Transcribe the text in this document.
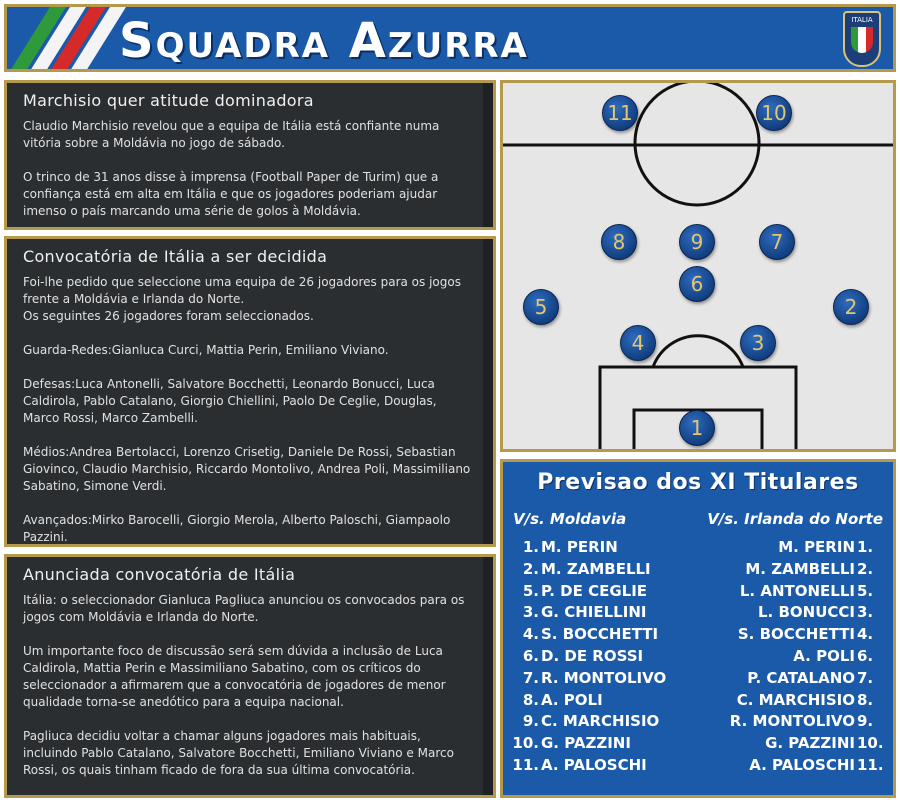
Squadra Azurra	ITALIA
Marchisio quer atitude dominadora

Claudio Marchisio revelou que a equipa de Itália está confiante numa vitória sobre a Moldávia no jogo de sábado.

O trinco de 31 anos disse à imprensa (Football Paper de Turim) que a confiança está em alta em Itália e que os jogadores poderiam ajudar imenso o país marcando uma série de golos à Moldávia.

Convocatória de Itália a ser decidida

Foi-lhe pedido que seleccione uma equipa de 26 jogadores para os jogos frente a Moldávia e Irlanda do Norte.
Os seguintes 26 jogadores foram seleccionados.

Guarda-Redes:Gianluca Curci, Mattia Perin, Emiliano Viviano.

Defesas:Luca Antonelli, Salvatore Bocchetti, Leonardo Bonucci, Luca Caldirola, Pablo Catalano, Giorgio Chiellini, Paolo De Ceglie, Douglas, Marco Rossi, Marco Zambelli.

Médios:Andrea Bertolacci, Lorenzo Crisetig, Daniele De Rossi, Sebastian Giovinco, Claudio Marchisio, Riccardo Montolivo, Andrea Poli, Massimiliano Sabatino, Simone Verdi.

Avançados:Mirko Barocelli, Giorgio Merola, Alberto Paloschi, Giampaolo Pazzini.

Anunciada convocatória de Itália

Itália: o seleccionador Gianluca Pagliuca anunciou os convocados para os jogos com Moldávia e Irlanda do Norte.

Um importante foco de discussão será sem dúvida a inclusão de Luca Caldirola, Mattia Perin e Massimiliano Sabatino, com os críticos do seleccionador a afirmarem que a convocatória de jogadores de menor qualidade torna-se anedótico para a equipa nacional.

Pagliuca decidiu voltar a chamar alguns jogadores mais habituais, incluindo Pablo Catalano, Salvatore Bocchetti, Emiliano Viviano e Marco Rossi, os quais tinham ficado de fora da sua última convocatória.

11	10
8	9	7
6
5	2
4	3
1
Previsao dos XI Titulares
V/s. Moldavia	V/s. Irlanda do Norte
1. M. PERIN	M. PERIN 1.
2. M. ZAMBELLI	M. ZAMBELLI 2.
5. P. DE CEGLIE	L. ANTONELLI 5.
3. G. CHIELLINI	L. BONUCCI 3.
4. S. BOCCHETTI	S. BOCCHETTI 4.
6. D. DE ROSSI	A. POLI 6.
7. R. MONTOLIVO	P. CATALANO 7.
8. A. POLI	C. MARCHISIO 8.
9. C. MARCHISIO	R. MONTOLIVO 9.
10. G. PAZZINI	G. PAZZINI 10.
11. A. PALOSCHI	A. PALOSCHI 11.
